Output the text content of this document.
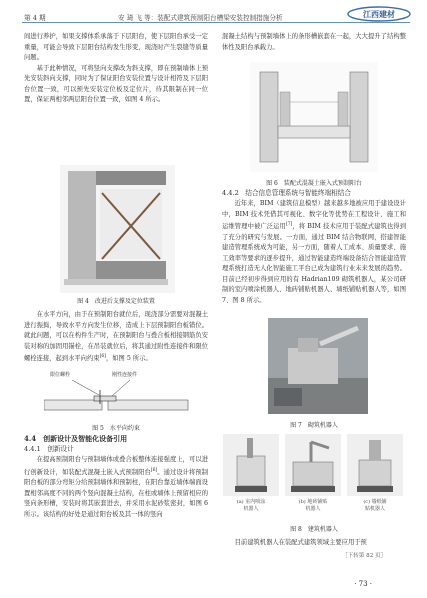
第 4 期	安 琦 飞 等：装配式建筑预制阳台槽梁安装控制措施分析	江西建材

间进行养护，如果支撑体系承落于下层阳台，使下层阳台承受一定重量，可能会导致下层阳台结构发生形变，现浇时产生裂缝等质量问题。

基于此种情况，可将竖向支撑改为斜支撑，即在预制墙体上预先安装斜向支撑，同时为了保证阳台安装位置与设计相符及下层阳台位置一致，可以预先安装定位板及定位片，待其限制在同一位置，保证两相邻两层阳台位置一致，如图 4 所示。

图 4　改进后支撑及定位装置

在水平方向，由于在预制阳台就位后，现浇部分需要对混凝土进行振捣，导致水平方向发生位移，造成上下层预制阳台板错位。就此问题，可以在构件生产时，在预制阳台与叠合板相接钢筋负安装对称的加固用锚栓，在吊装就位后，将其通过附性连接件和限位螺栓连接，起到水平向约束[6]，如图 5 所示。

限位螺栓	刚性连接件
图 5　水平向约束
4.4　创新设计及智能化设备引用
4.4.1　创新设计

在提高预制阳台与预制墙体或叠合板整体连接强度上，可以进行创新设计，如装配式混凝土嵌入式预制阳台[6]。通过设计将预制阳台板的部分弯矩分给预制墙体和预制柱，在阳台靠近墙体端面设置相邻高度不同的两个竖向混凝土结构，在柱或墙体上预留相应的竖向条形槽，安装时将其嵌套进去，并采用水泥砂浆密封，如图 6 所示。该结构的好处是通过阳台板及其一体的竖向

混凝土结构与预制墙体上的条形槽嵌套在一起，大大提升了结构整体性及阳台承载力。

图 6　装配式混凝土嵌入式预制阳台
4.4.2　结合信息管理系统与智能终端相结合

近年来，BIM（建筑信息模型）越来越多地被应用于建设设计中，BIM 技术凭借其可视化、数字化等优势在工程设计、施工和运维管理中被广泛运用[7]，将 BIM 技术应用于装配式建筑也得到了充分的研究与发展。一方面，通过 BIM 结合物联网，搭建智能建造管理系统成为可能，另一方面，随着人工成本、质量要求、施工效率等要求的逐步提升，通过智能建造终端设备结合智能建造管理系统打造无人化智能施工平台已成为建筑行业未来发展的趋势。目前已经初步得到应用的有 Hadrian109 砌筑机器人，某公司研制的室内喷涂机器人、地砖铺贴机器人、墙纸铺贴机器人等，如图 7、图 8 所示。

图 7　砌筑机器人
(a) 室内喷涂
机器人
(b) 地砖铺贴
机器人
(c) 墙纸铺
贴机器人
图 8　建筑机器人

目前建筑机器人在装配式建筑领域主要应用于预

［下转第 82 页］
· 73 ·
